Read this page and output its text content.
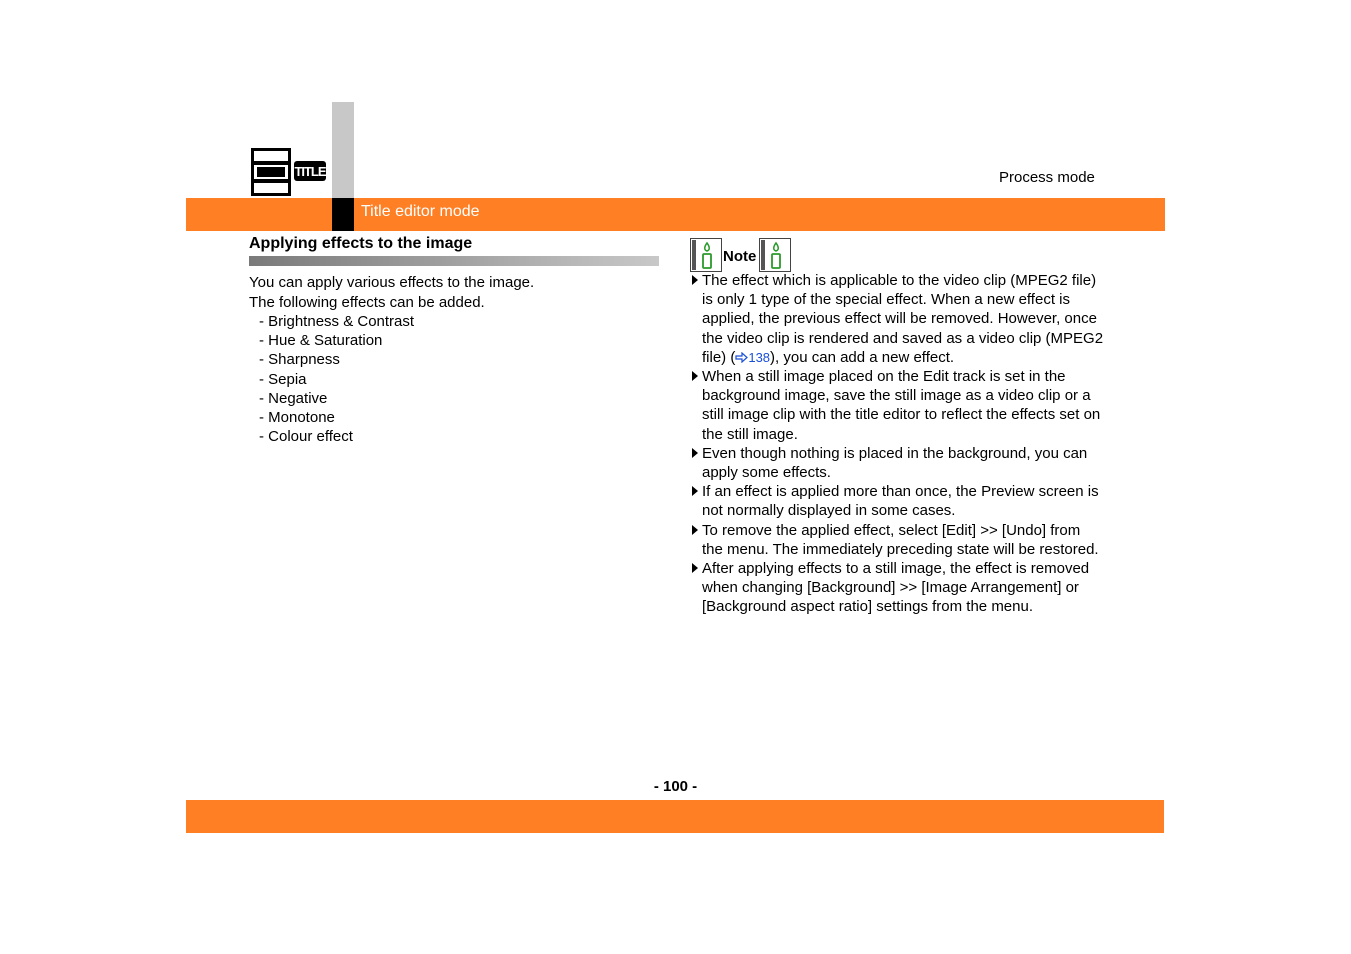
Title editor mode
Process mode
TITLE
Applying effects to the image
You can apply various effects to the image.
The following effects can be added.
- Brightness & Contrast
- Hue & Saturation
- Sharpness
- Sepia
- Negative
- Monotone
- Colour effect
Note
The effect which is applicable to the video clip (MPEG2 file) is only 1 type of the special effect. When a new effect is applied, the previous effect will be removed. However, once the video clip is rendered and saved as a video clip (MPEG2 file) ( 138), you can add a new effect.
When a still image placed on the Edit track is set in the background image, save the still image as a video clip or a still image clip with the title editor to reflect the effects set on the still image.
Even though nothing is placed in the background, you can apply some effects.
If an effect is applied more than once, the Preview screen is not normally displayed in some cases.
To remove the applied effect, select [Edit] >> [Undo] from the menu. The immediately preceding state will be restored.
After applying effects to a still image, the effect is removed when changing [Background] >> [Image Arrangement] or [Background aspect ratio] settings from the menu.
- 100 -
